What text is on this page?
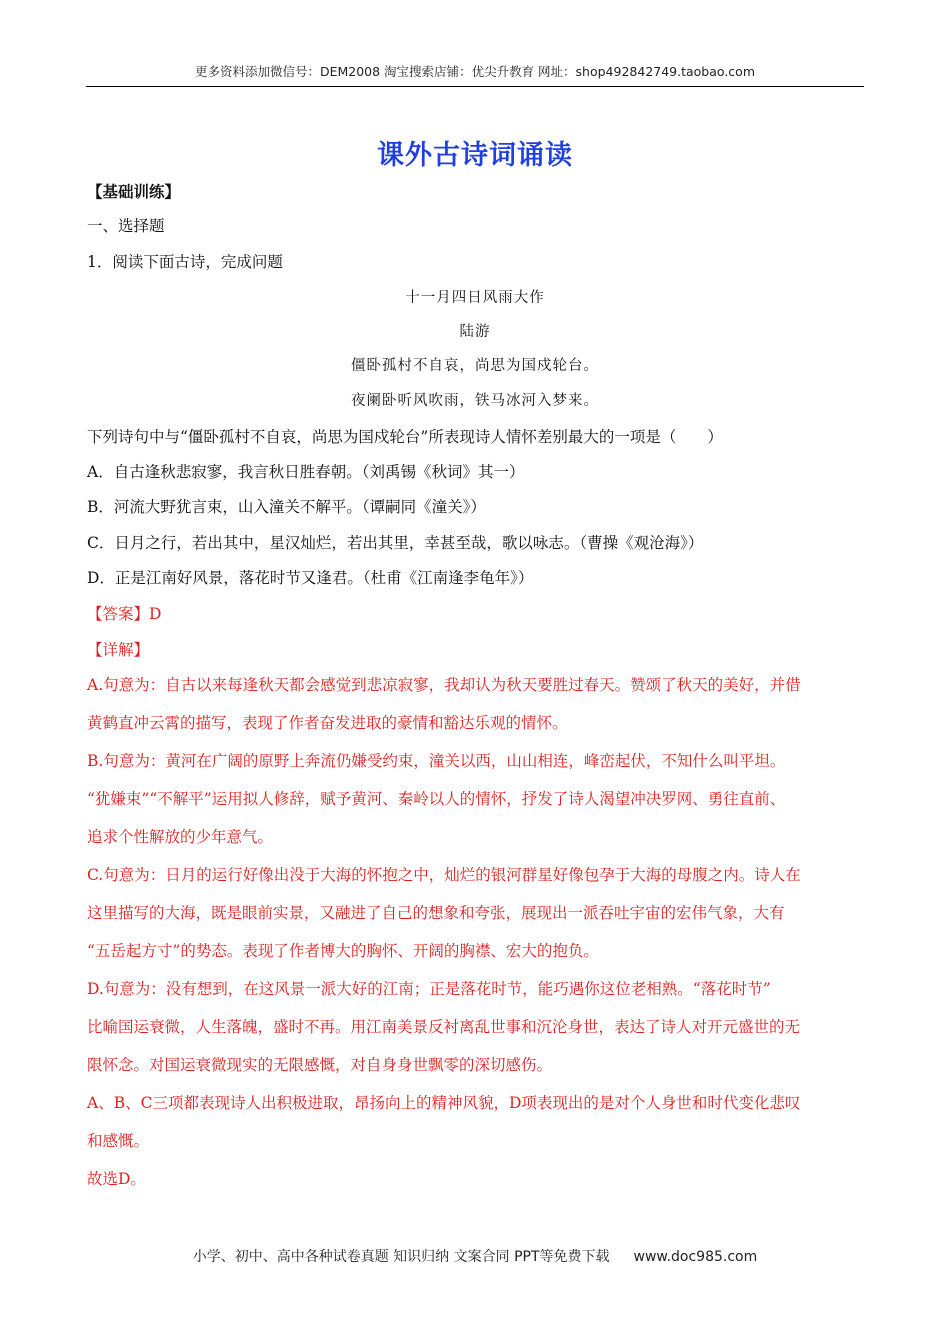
更多资料添加微信号：DEM2008 淘宝搜索店铺：优尖升教育 网址：shop492842749.taobao.com
课外古诗词诵读
【基础训练】
一、选择题
1．阅读下面古诗，完成问题
十一月四日风雨大作
陆游
僵卧孤村不自哀，尚思为国戍轮台。
夜阑卧听风吹雨，铁马冰河入梦来。
下列诗句中与“僵卧孤村不自哀，尚思为国戍轮台”所表现诗人情怀差别最大的一项是（　　）
A．自古逢秋悲寂寥，我言秋日胜春朝。（刘禹锡《秋词》其一）
B．河流大野犹言束，山入潼关不解平。（谭嗣同《潼关》）
C．日月之行，若出其中，星汉灿烂，若出其里，幸甚至哉，歌以咏志。（曹操《观沧海》）
D．正是江南好风景，落花时节又逢君。（杜甫《江南逢李龟年》）
【答案】D
【详解】
A.句意为：自古以来每逢秋天都会感觉到悲凉寂寥，我却认为秋天要胜过春天。赞颂了秋天的美好，并借
黄鹤直冲云霄的描写，表现了作者奋发进取的豪情和豁达乐观的情怀。
B.句意为：黄河在广阔的原野上奔流仍嫌受约束，潼关以西，山山相连，峰峦起伏，不知什么叫平坦。
“犹嫌束”“不解平”运用拟人修辞，赋予黄河、秦岭以人的情怀，抒发了诗人渴望冲决罗网、勇往直前、
追求个性解放的少年意气。
C.句意为：日月的运行好像出没于大海的怀抱之中，灿烂的银河群星好像包孕于大海的母腹之内。诗人在
这里描写的大海，既是眼前实景，又融进了自己的想象和夸张，展现出一派吞吐宇宙的宏伟气象，大有
“五岳起方寸”的势态。表现了作者博大的胸怀、开阔的胸襟、宏大的抱负。
D.句意为：没有想到，在这风景一派大好的江南；正是落花时节，能巧遇你这位老相熟。“落花时节”
比喻国运衰微，人生落魄，盛时不再。用江南美景反衬离乱世事和沉沦身世，表达了诗人对开元盛世的无
限怀念。对国运衰微现实的无限感慨，对自身身世飘零的深切感伤。
A、B、C三项都表现诗人出积极进取，昂扬向上的精神风貌，D项表现出的是对个人身世和时代变化悲叹
和感慨。
故选D。
小学、初中、高中各种试卷真题 知识归纳 文案合同 PPT等免费下载 www.doc985.com
